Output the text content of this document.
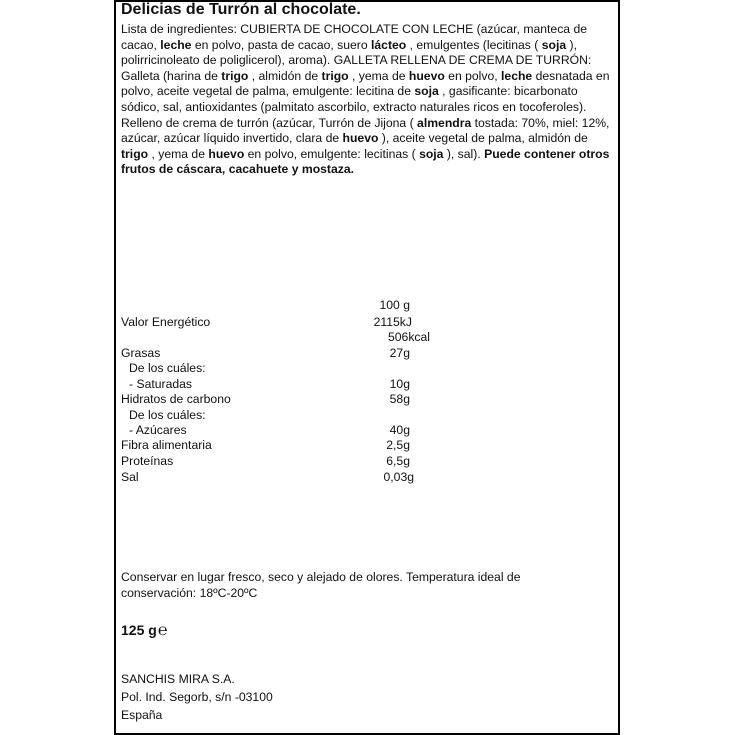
Delicias de Turrón al chocolate.
Lista de ingredientes: CUBIERTA DE CHOCOLATE CON LECHE (azúcar, manteca de cacao, leche en polvo, pasta de cacao, suero lácteo , emulgentes (lecitinas ( soja ), polirricinoleato de poliglicerol), aroma). GALLETA RELLENA DE CREMA DE TURRÓN: Galleta (harina de trigo , almidón de trigo , yema de huevo en polvo, leche desnatada en polvo, aceite vegetal de palma, emulgente: lecitina de soja , gasificante: bicarbonato sódico, sal, antioxidantes (palmitato ascorbilo, extracto naturales ricos en tocoferoles). Relleno de crema de turrón (azúcar, Turrón de Jijona ( almendra tostada: 70%, miel: 12%, azúcar, azúcar líquido invertido, clara de huevo ), aceite vegetal de palma, almidón de trigo , yema de huevo en polvo, emulgente: lecitinas ( soja ), sal). Puede contener otros frutos de cáscara, cacahuete y mostaza.
100 g
Valor Energético	2115kJ
506kcal
Grasas	27g
De los cuáles:
- Saturadas	10g
Hidratos de carbono	58g
De los cuáles:
- Azúcares	40g
Fibra alimentaria	2,5g
Proteínas	6,5g
Sal	0,03g
Conservar en lugar fresco, seco y alejado de olores. Temperatura ideal de conservación: 18ºC-20ºC
125 g℮
SANCHIS MIRA S.A.
Pol. Ind. Segorb, s/n -03100
España
